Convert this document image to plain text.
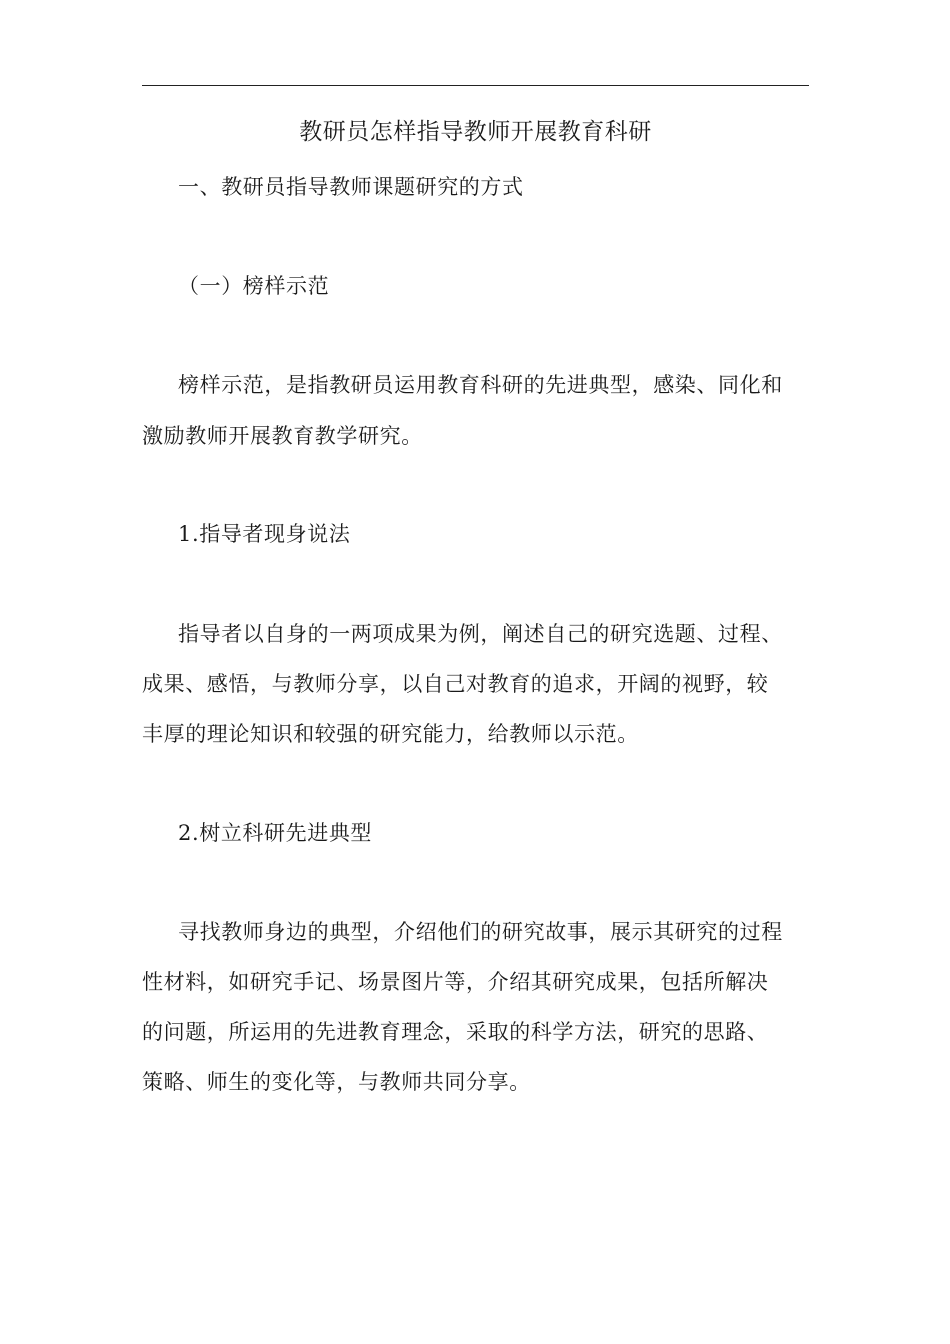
教研员怎样指导教师开展教育科研
一、教研员指导教师课题研究的方式
（一）榜样示范
榜样示范，是指教研员运用教育科研的先进典型，感染、同化和
激励教师开展教育教学研究。
1.指导者现身说法
指导者以自身的一两项成果为例，阐述自己的研究选题、过程、
成果、感悟，与教师分享，以自己对教育的追求，开阔的视野，较
丰厚的理论知识和较强的研究能力，给教师以示范。
2.树立科研先进典型
寻找教师身边的典型，介绍他们的研究故事，展示其研究的过程
性材料，如研究手记、场景图片等，介绍其研究成果，包括所解决
的问题，所运用的先进教育理念，采取的科学方法，研究的思路、
策略、师生的变化等，与教师共同分享。
